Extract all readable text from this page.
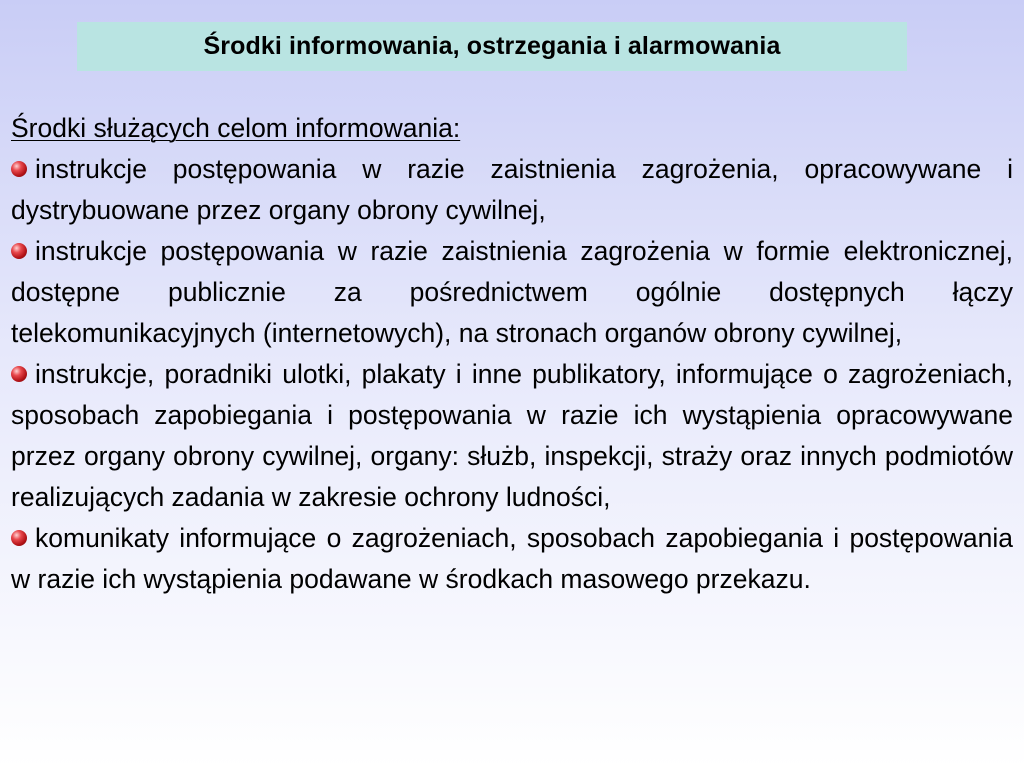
Środki informowania, ostrzegania i alarmowania
Środki służących celom informowania:
instrukcje postępowania w razie zaistnienia zagrożenia, opracowywane i dystrybuowane przez organy obrony cywilnej,
instrukcje postępowania w razie zaistnienia zagrożenia w formie elektronicznej, dostępne publicznie za pośrednictwem ogólnie dostępnych łączy telekomunikacyjnych (internetowych), na stronach organów obrony cywilnej,
instrukcje, poradniki ulotki, plakaty i inne publikatory, informujące o zagrożeniach, sposobach zapobiegania i postępowania w razie ich wystąpienia opracowywane przez organy obrony cywilnej, organy: służb, inspekcji, straży oraz innych podmiotów realizujących zadania w zakresie ochrony ludności,
komunikaty informujące o zagrożeniach, sposobach zapobiegania i postępowania w razie ich wystąpienia podawane w środkach masowego przekazu.
